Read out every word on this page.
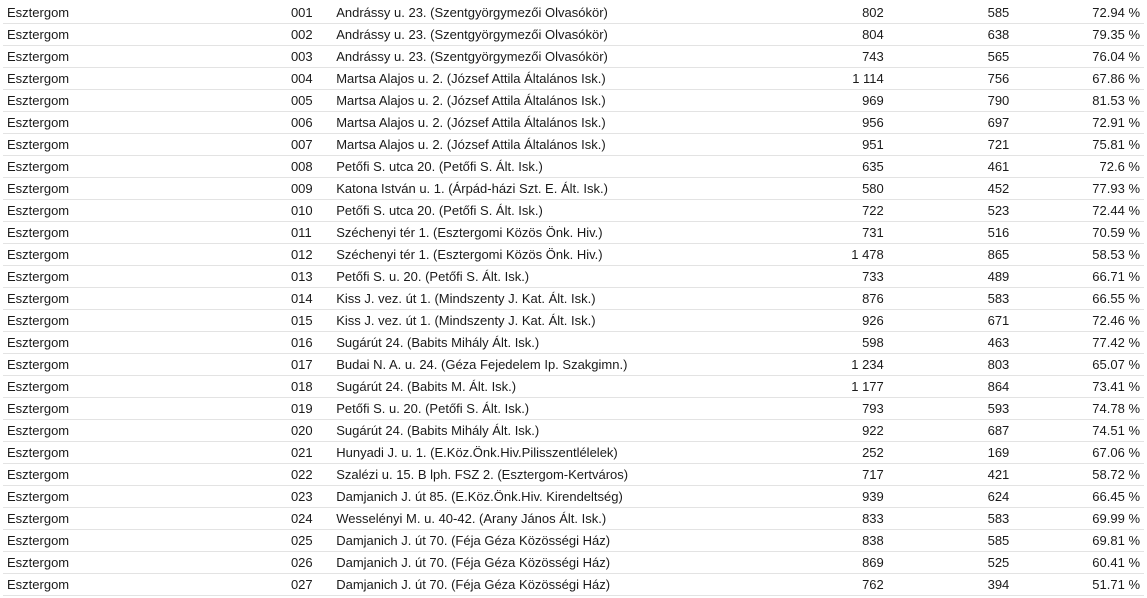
Esztergom	001	Andrássy u. 23. (Szentgyörgymezői Olvasókör)	802	585	72.94 %
Esztergom	002	Andrássy u. 23. (Szentgyörgymezői Olvasókör)	804	638	79.35 %
Esztergom	003	Andrássy u. 23. (Szentgyörgymezői Olvasókör)	743	565	76.04 %
Esztergom	004	Martsa Alajos u. 2. (József Attila Általános Isk.)	1 114	756	67.86 %
Esztergom	005	Martsa Alajos u. 2. (József Attila Általános Isk.)	969	790	81.53 %
Esztergom	006	Martsa Alajos u. 2. (József Attila Általános Isk.)	956	697	72.91 %
Esztergom	007	Martsa Alajos u. 2. (József Attila Általános Isk.)	951	721	75.81 %
Esztergom	008	Petőfi S. utca 20. (Petőfi S. Ált. Isk.)	635	461	72.6 %
Esztergom	009	Katona István u. 1. (Árpád-házi Szt. E. Ált. Isk.)	580	452	77.93 %
Esztergom	010	Petőfi S. utca 20. (Petőfi S. Ált. Isk.)	722	523	72.44 %
Esztergom	011	Széchenyi tér 1. (Esztergomi Közös Önk. Hiv.)	731	516	70.59 %
Esztergom	012	Széchenyi tér 1. (Esztergomi Közös Önk. Hiv.)	1 478	865	58.53 %
Esztergom	013	Petőfi S. u. 20. (Petőfi S. Ált. Isk.)	733	489	66.71 %
Esztergom	014	Kiss J. vez. út 1. (Mindszenty J. Kat. Ált. Isk.)	876	583	66.55 %
Esztergom	015	Kiss J. vez. út 1. (Mindszenty J. Kat. Ált. Isk.)	926	671	72.46 %
Esztergom	016	Sugárút 24. (Babits Mihály Ált. Isk.)	598	463	77.42 %
Esztergom	017	Budai N. A. u. 24. (Géza Fejedelem Ip. Szakgimn.)	1 234	803	65.07 %
Esztergom	018	Sugárút 24. (Babits M. Ált. Isk.)	1 177	864	73.41 %
Esztergom	019	Petőfi S. u. 20. (Petőfi S. Ált. Isk.)	793	593	74.78 %
Esztergom	020	Sugárút 24. (Babits Mihály Ált. Isk.)	922	687	74.51 %
Esztergom	021	Hunyadi J. u. 1. (E.Köz.Önk.Hiv.Pilisszentlélelek)	252	169	67.06 %
Esztergom	022	Szalézi u. 15. B lph. FSZ 2. (Esztergom-Kertváros)	717	421	58.72 %
Esztergom	023	Damjanich J. út 85. (E.Köz.Önk.Hiv. Kirendeltség)	939	624	66.45 %
Esztergom	024	Wesselényi M. u. 40-42. (Arany János Ált. Isk.)	833	583	69.99 %
Esztergom	025	Damjanich J. út 70. (Féja Géza Közösségi Ház)	838	585	69.81 %
Esztergom	026	Damjanich J. út 70. (Féja Géza Közösségi Ház)	869	525	60.41 %
Esztergom	027	Damjanich J. út 70. (Féja Géza Közösségi Ház)	762	394	51.71 %
